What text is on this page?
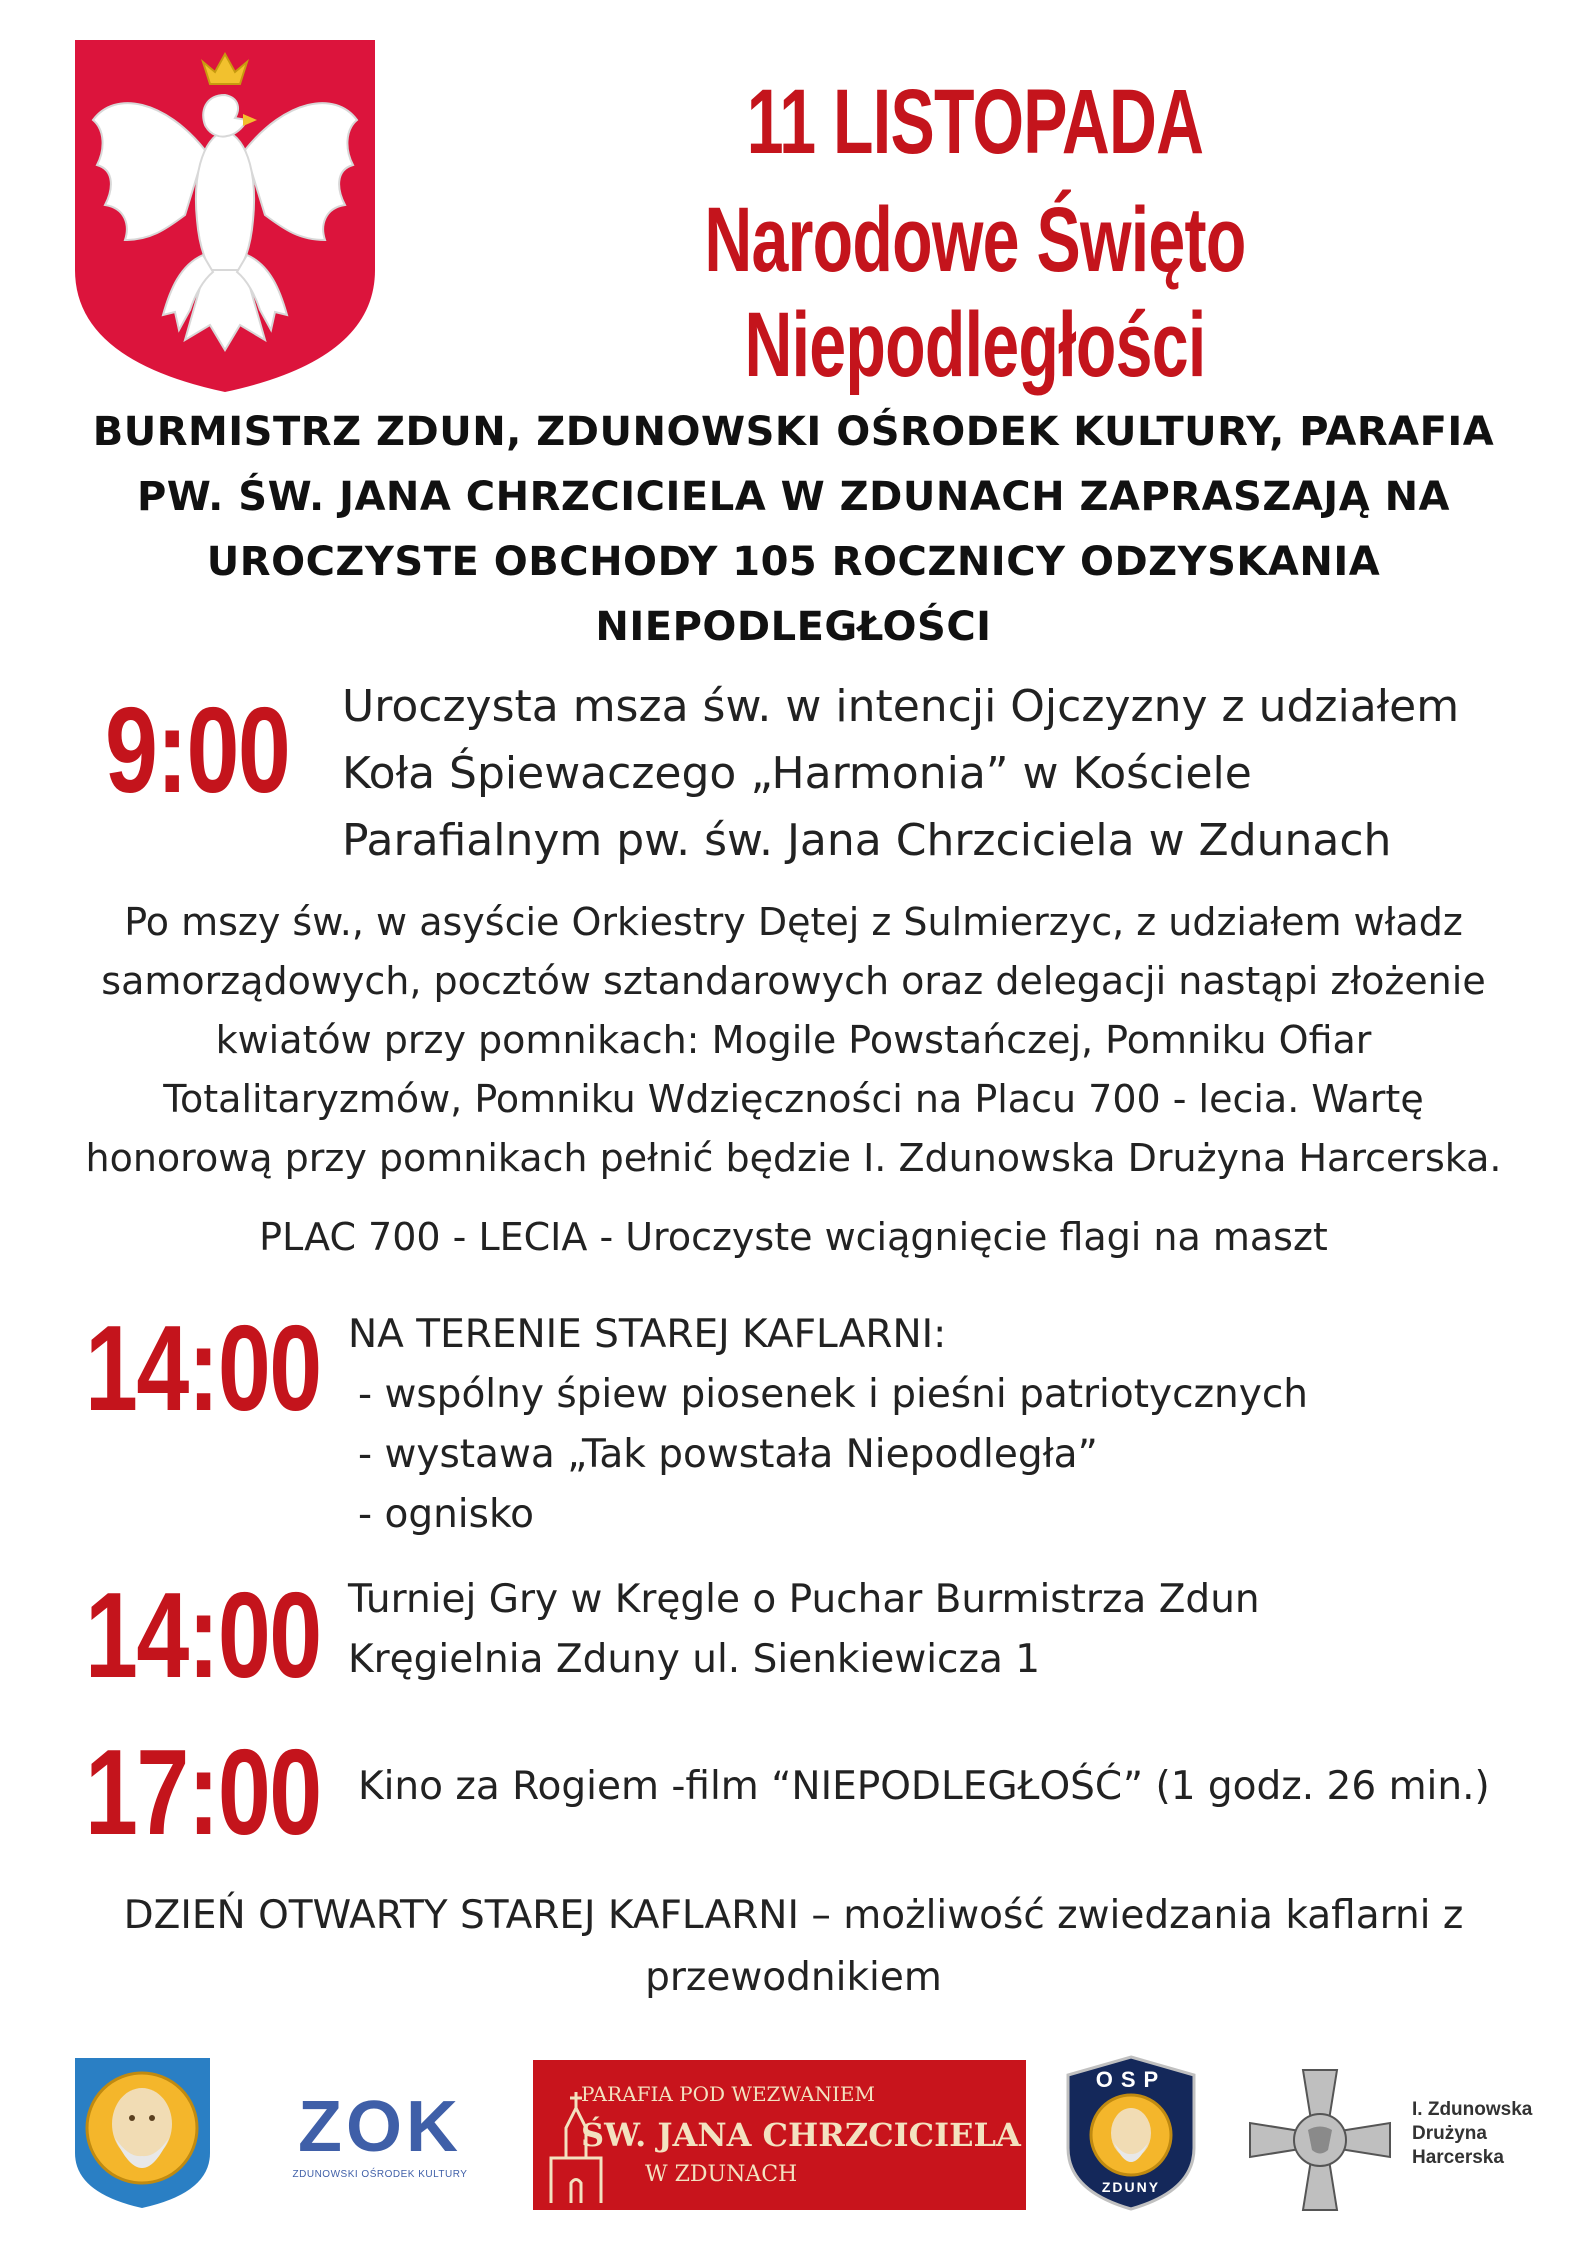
11 LISTOPADA
Narodowe Święto Niepodległości
BURMISTRZ ZDUN, ZDUNOWSKI OŚRODEK KULTURY, PARAFIA PW. ŚW. JANA CHRZCICIELA W ZDUNACH ZAPRASZAJĄ NA UROCZYSTE OBCHODY 105 ROCZNICY ODZYSKANIA NIEPODLEGŁOŚCI
9:00 Uroczysta msza św. w intencji Ojczyzny z udziałem
Koła Śpiewaczego „Harmonia” w Kościele
Parafialnym pw. św. Jana Chrzciciela w Zdunach
Po mszy św., w asyście Orkiestry Dętej z Sulmierzyc, z udziałem władz
samorządowych, pocztów sztandarowych oraz delegacji nastąpi złożenie
kwiatów przy pomnikach: Mogile Powstańczej, Pomniku Ofiar
Totalitaryzmów, Pomniku Wdzięczności na Placu 700 - lecia. Wartę
honorową przy pomnikach pełnić będzie I. Zdunowska Drużyna Harcerska.
PLAC 700 - LECIA - Uroczyste wciągnięcie flagi na maszt
14:00 NA TERENIE STAREJ KAFLARNI:
- wspólny śpiew piosenek i pieśni patriotycznych
- wystawa „Tak powstała Niepodległa”
- ognisko
14:00 Turniej Gry w Kręgle o Puchar Burmistrza Zdun
Kręgielnia Zduny ul. Sienkiewicza 1
17:00 Kino za Rogiem -film “NIEPODLEGŁOŚĆ” (1 godz. 26 min.)
DZIEŃ OTWARTY STAREJ KAFLARNI – możliwość zwiedzania kaflarni z
przewodnikiem
ZOK
ZDUNOWSKI OŚRODEK KULTURY
PARAFIA POD WEZWANIEM
ŚW. JANA CHRZCICIELA
W ZDUNACH
OSP
ZDUNY
I. Zdunowska
Drużyna
Harcerska
